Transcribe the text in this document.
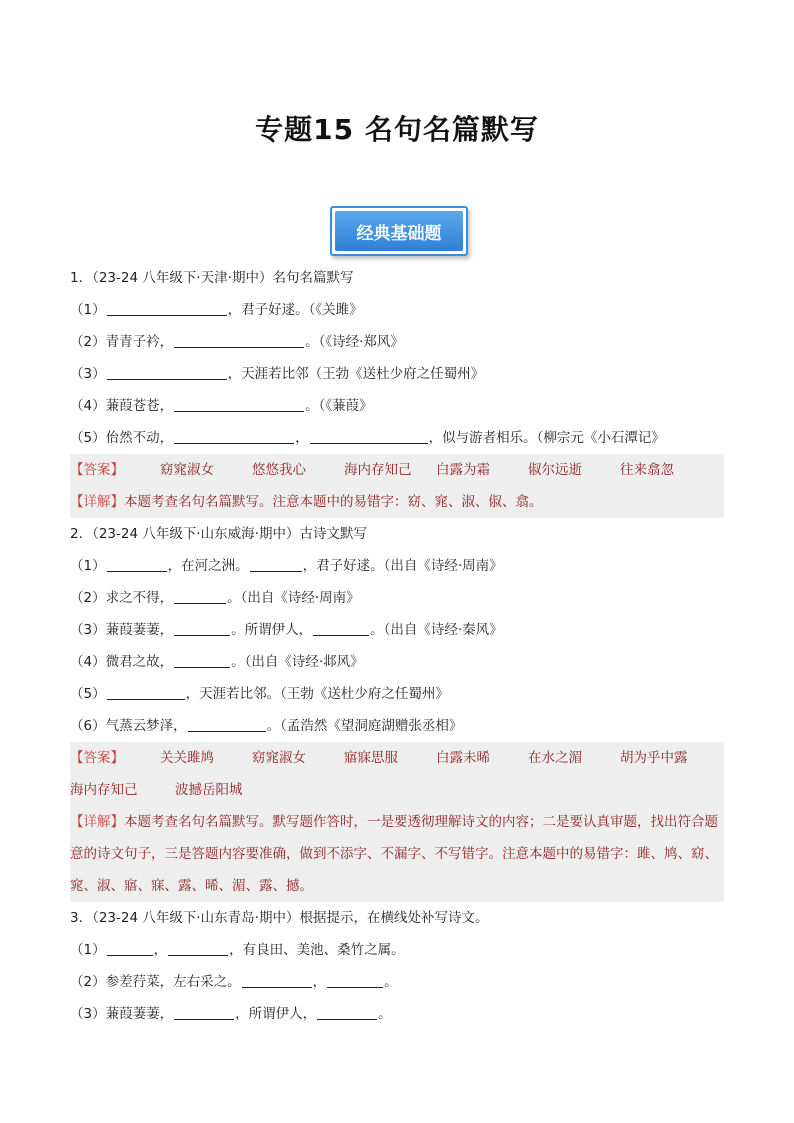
专题15 名句名篇默写
经典基础题
1．（23-24 八年级下·天津·期中）名句名篇默写
（1）	，君子好逑。（《关雎》
（2）青青子衿，	。（《诗经·郑风》
（3）	，天涯若比邻（王勃《送杜少府之任蜀州》
（4）蒹葭苍苍，	。（《蒹葭》
（5）佁然不动，	，	，似与游者相乐。（柳宗元《小石潭记》
【答案】	窈窕淑女	悠悠我心	海内存知己	白露为霜	俶尔远逝	往来翕忽
【详解】本题考查名句名篇默写。注意本题中的易错字：窈、窕、淑、俶、翕。
2．（23-24 八年级下·山东威海·期中）古诗文默写
（1）	，在河之洲。	，君子好逑。（出自《诗经·周南》
（2）求之不得，	。（出自《诗经·周南》
（3）蒹葭萋萋，	。所谓伊人，	。（出自《诗经·秦风》
（4）微君之故，	。（出自《诗经·邶风》
（5）	，天涯若比邻。（王勃《送杜少府之任蜀州》
（6）气蒸云梦泽，	。（孟浩然《望洞庭湖赠张丞相》
【答案】	关关雎鸠	窈窕淑女	寤寐思服	白露未晞	在水之湄	胡为乎中露
海内存知己	波撼岳阳城
【详解】本题考查名句名篇默写。默写题作答时，一是要透彻理解诗文的内容；二是要认真审题，找出符合题意的诗文句子，三是答题内容要准确，做到不添字、不漏字、不写错字。注意本题中的易错字：雎、鸠、窈、窕、淑、寤、寐、露、晞、湄、露、撼。
3．（23-24 八年级下·山东青岛·期中）根据提示，在横线处补写诗文。
（1）	，	，有良田、美池、桑竹之属。
（2）参差荇菜，左右采之。	，	。
（3）蒹葭萋萋，	，所谓伊人，	。
